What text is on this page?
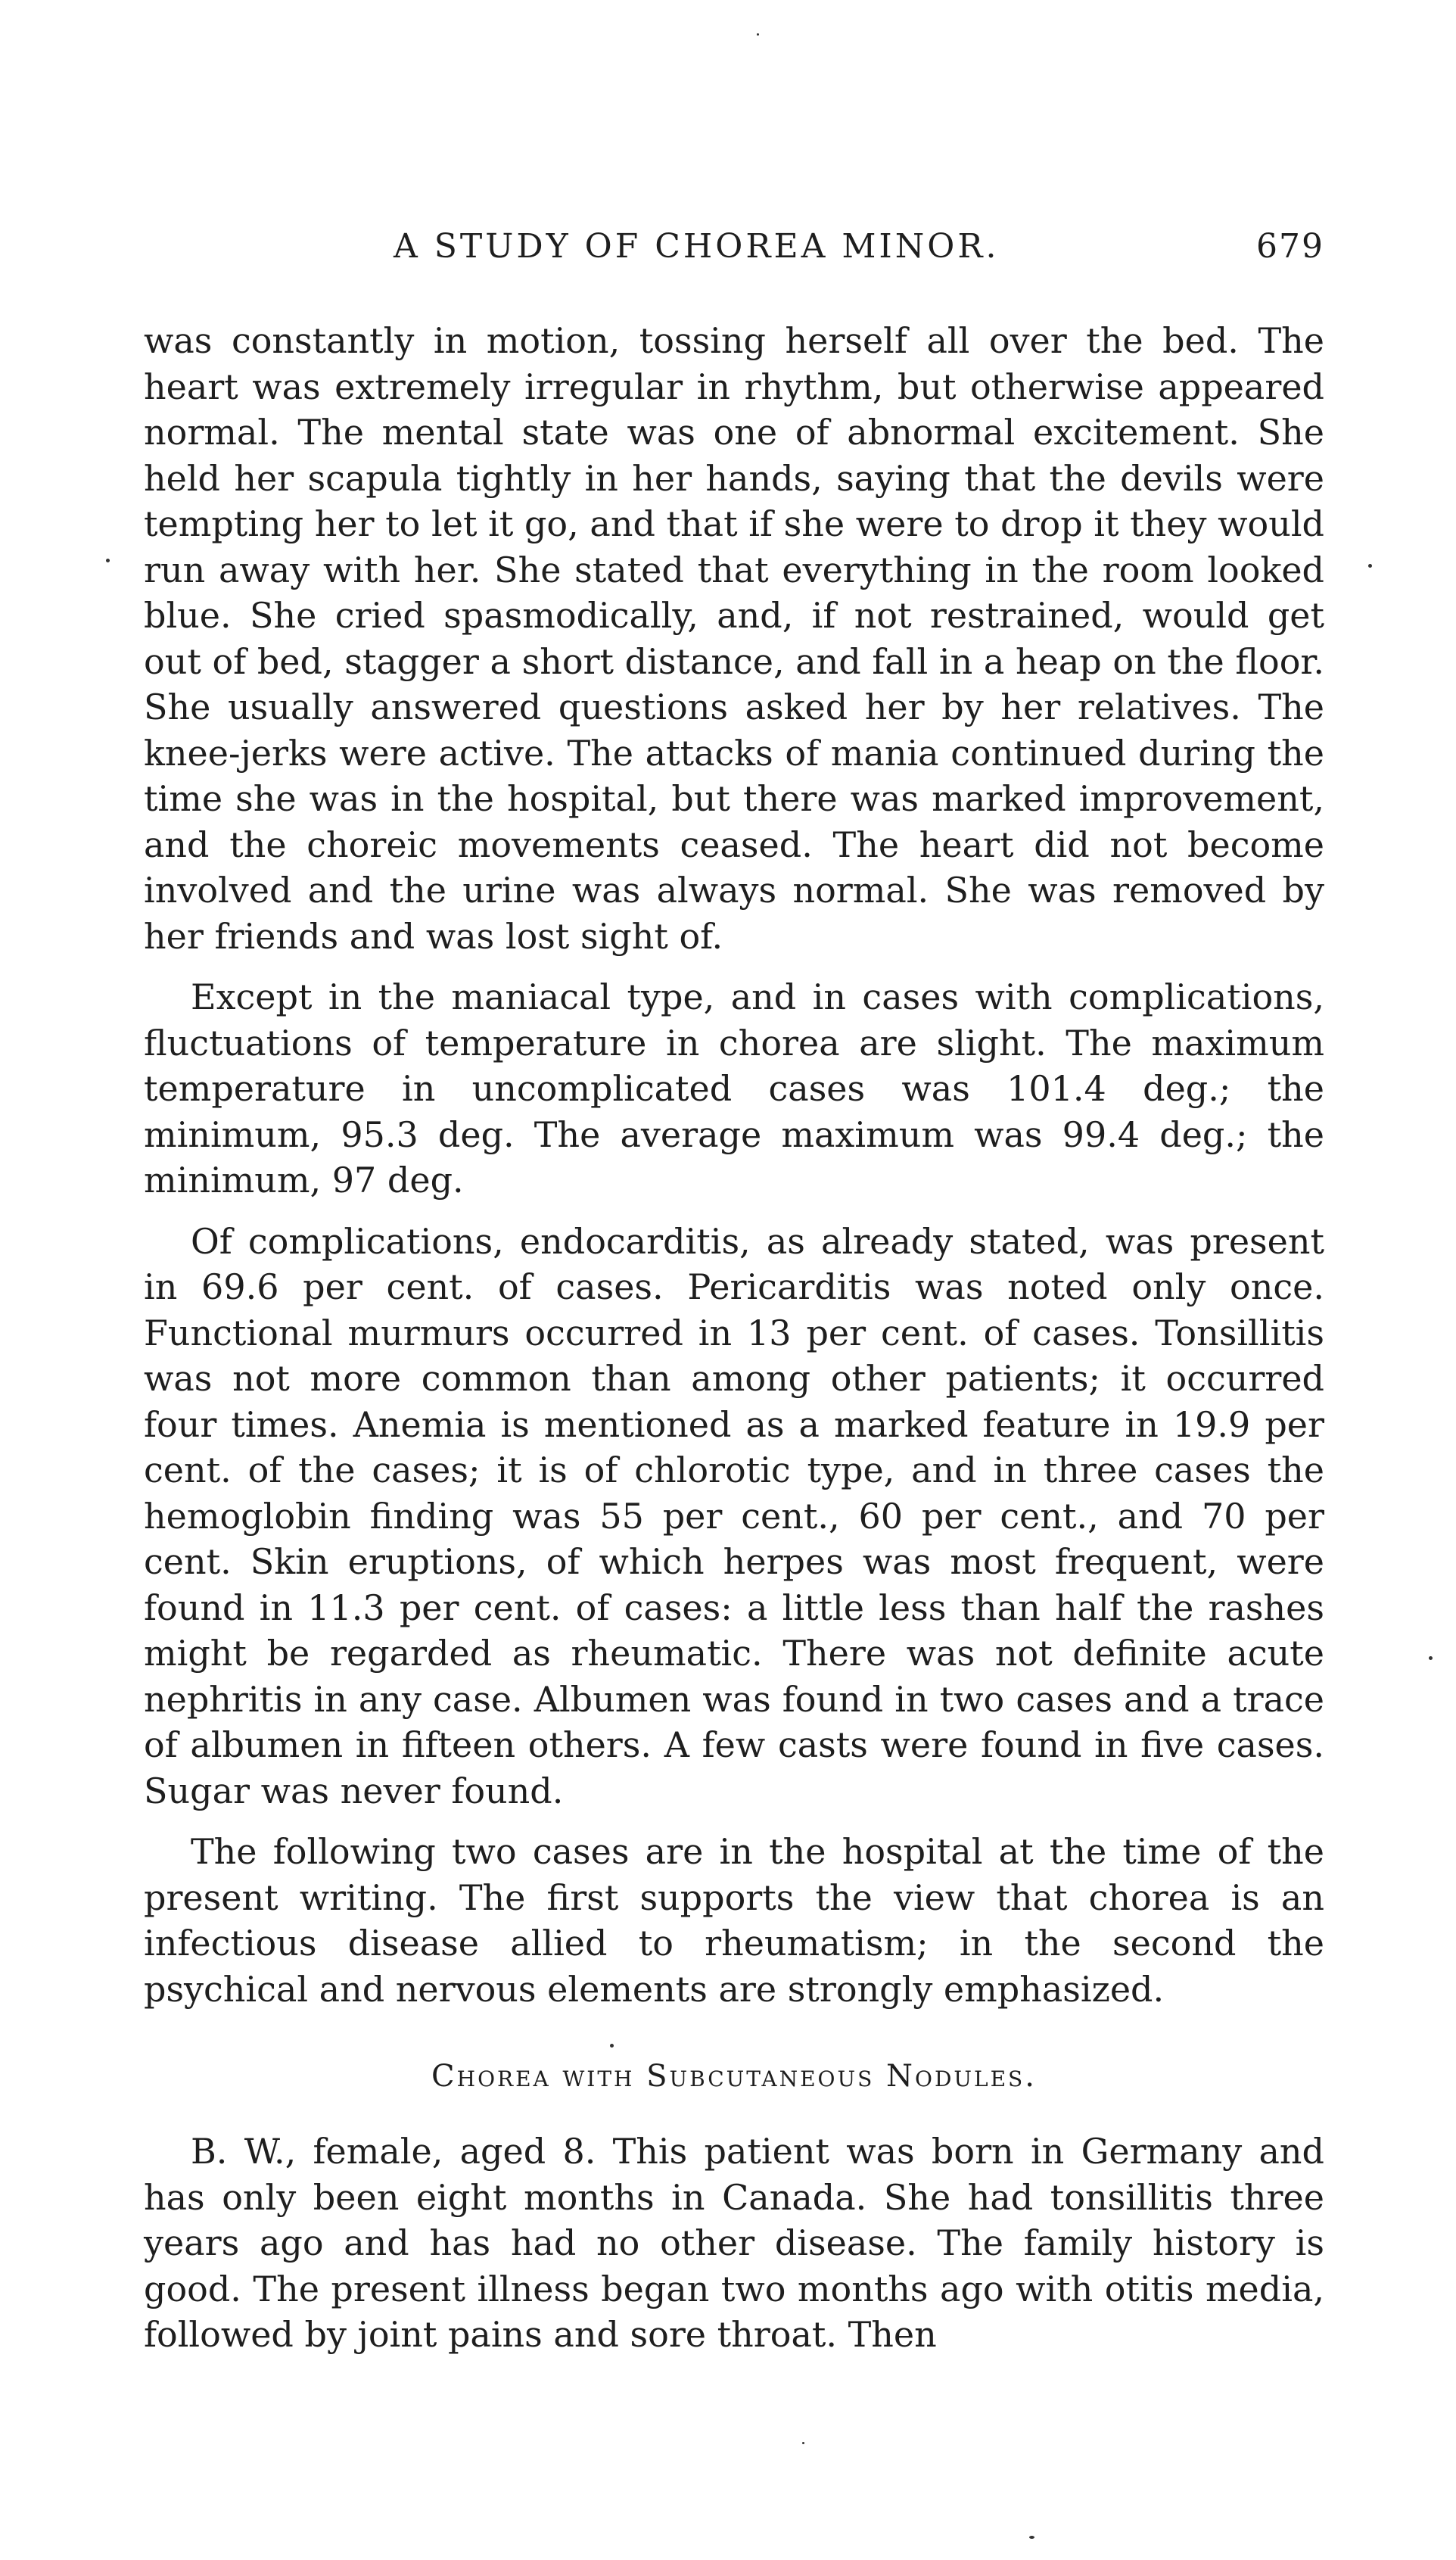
A STUDY OF CHOREA MINOR.	679

was constantly in motion, tossing herself all over the bed. The heart was extremely irregular in rhythm, but otherwise appeared normal. The mental state was one of abnormal excitement. She held her scapula tightly in her hands, saying that the devils were tempting her to let it go, and that if she were to drop it they would run away with her. She stated that everything in the room looked blue. She cried spasmodically, and, if not restrained, would get out of bed, stagger a short distance, and fall in a heap on the floor. She usually answered questions asked her by her relatives. The knee-jerks were active. The attacks of mania continued during the time she was in the hospital, but there was marked improvement, and the choreic movements ceased. The heart did not become involved and the urine was always normal. She was removed by her friends and was lost sight of.

Except in the maniacal type, and in cases with complications, fluctuations of temperature in chorea are slight. The maximum temperature in uncomplicated cases was 101.4 deg.; the minimum, 95.3 deg. The average maximum was 99.4 deg.; the minimum, 97 deg.

Of complications, endocarditis, as already stated, was present in 69.6 per cent. of cases. Pericarditis was noted only once. Functional murmurs occurred in 13 per cent. of cases. Tonsillitis was not more common than among other patients; it occurred four times. Anemia is mentioned as a marked feature in 19.9 per cent. of the cases; it is of chlorotic type, and in three cases the hemoglobin finding was 55 per cent., 60 per cent., and 70 per cent. Skin eruptions, of which herpes was most frequent, were found in 11.3 per cent. of cases: a little less than half the rashes might be regarded as rheumatic. There was not definite acute nephritis in any case. Albumen was found in two cases and a trace of albumen in fifteen others. A few casts were found in five cases. Sugar was never found.

The following two cases are in the hospital at the time of the present writing. The first supports the view that chorea is an infectious disease allied to rheumatism; in the second the psychical and nervous elements are strongly emphasized.

Chorea with Subcutaneous Nodules.

B. W., female, aged 8. This patient was born in Germany and has only been eight months in Canada. She had tonsillitis three years ago and has had no other disease. The family history is good. The present illness began two months ago with otitis media, followed by joint pains and sore throat. Then
